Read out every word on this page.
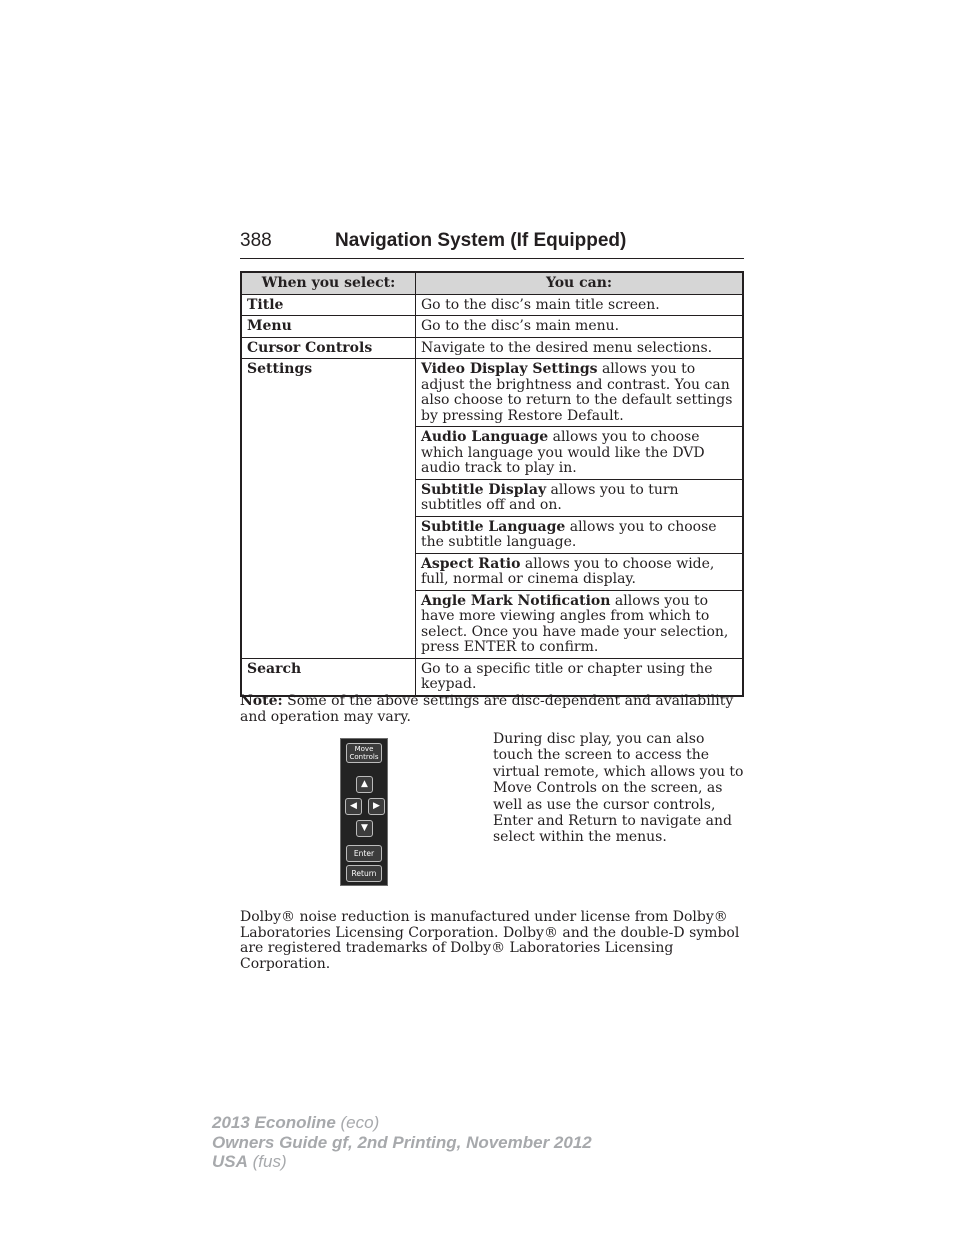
388	Navigation System (If Equipped)
When you select:	You can:
Title	Go to the disc’s main title screen.
Menu	Go to the disc’s main menu.
Cursor Controls	Navigate to the desired menu selections.
Settings	Video Display Settings allows you to adjust the brightness and contrast. You can also choose to return to the default settings by pressing Restore Default.
	Audio Language allows you to choose which language you would like the DVD audio track to play in.
	Subtitle Display allows you to turn subtitles off and on.
	Subtitle Language allows you to choose the subtitle language.
	Aspect Ratio allows you to choose wide, full, normal or cinema display.
	Angle Mark Notification allows you to have more viewing angles from which to select. Once you have made your selection, press ENTER to confirm.
Search	Go to a specific title or chapter using the keypad.
Note: Some of the above settings are disc-dependent and availability and operation may vary.
Move
Controls
▲
◀	▶
▼
Enter
Return
During disc play, you can also touch the screen to access the virtual remote, which allows you to Move Controls on the screen, as well as use the cursor controls, Enter and Return to navigate and select within the menus.
Dolby® noise reduction is manufactured under license from Dolby® Laboratories Licensing Corporation. Dolby® and the double-D symbol are registered trademarks of Dolby® Laboratories Licensing Corporation.
2013 Econoline (eco)
Owners Guide gf, 2nd Printing, November 2012
USA (fus)
